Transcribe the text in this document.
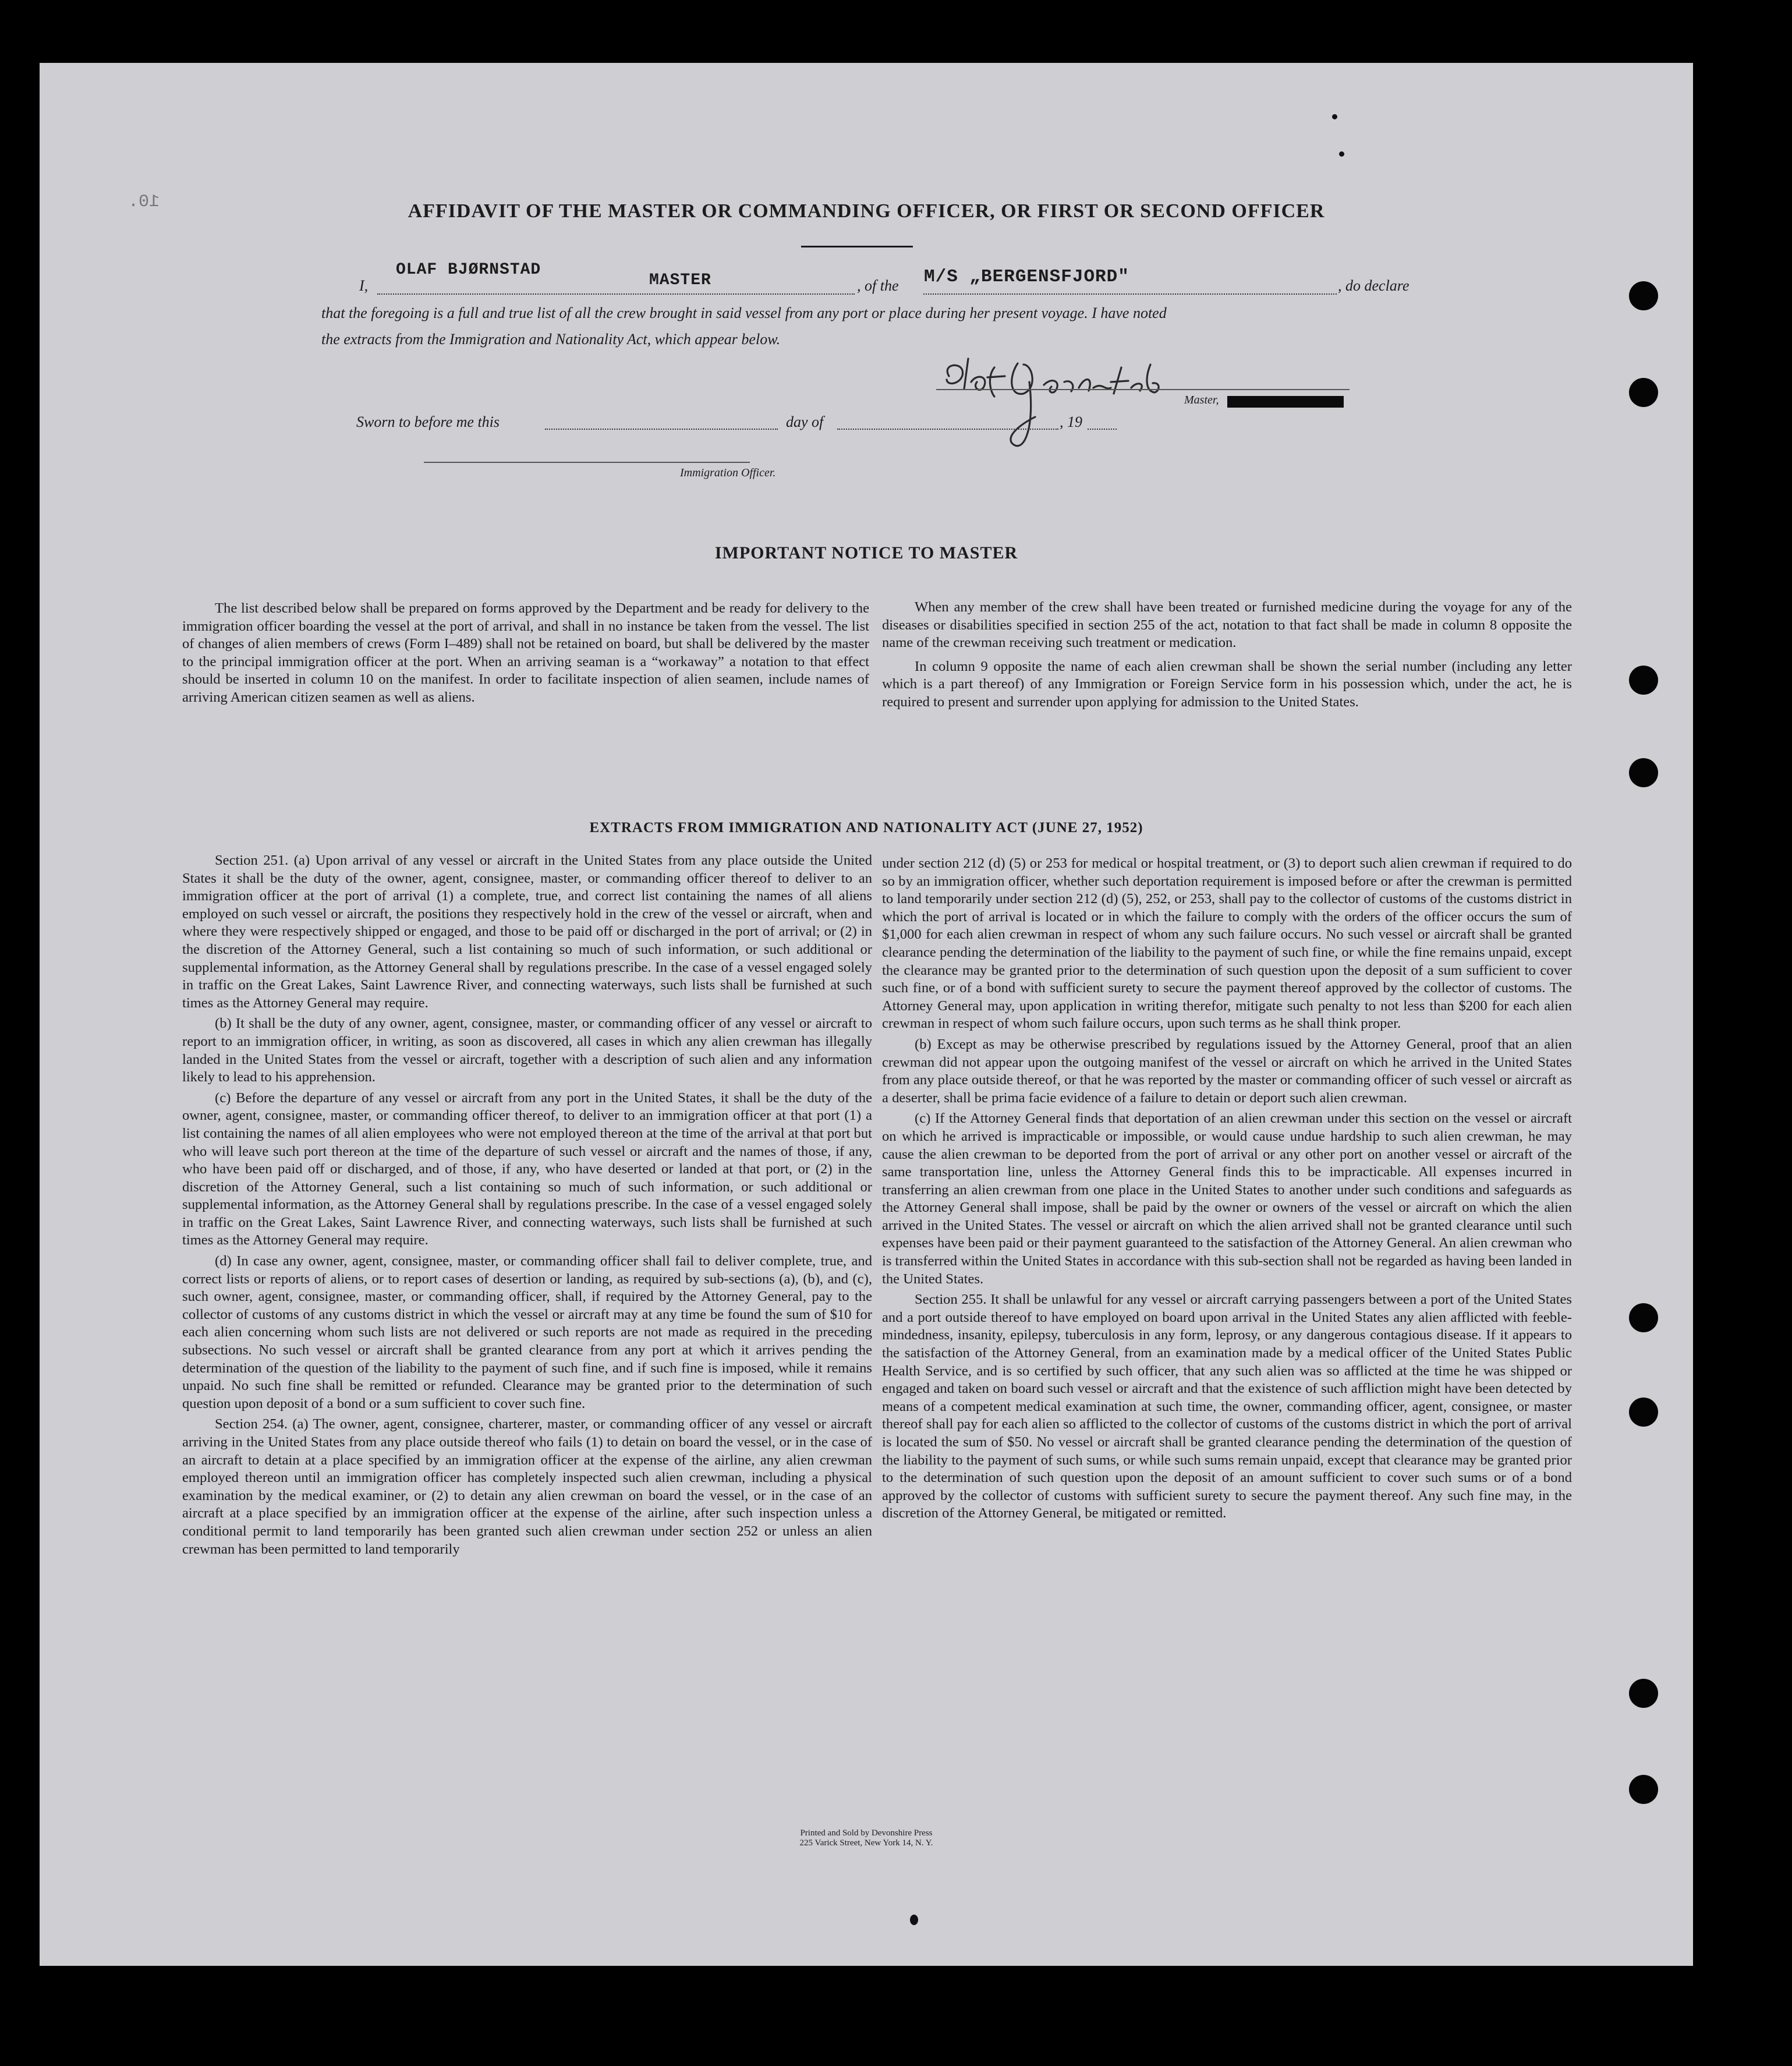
10.	AFFIDAVIT OF THE MASTER OR COMMANDING OFFICER, OR FIRST OR SECOND OFFICER
I,
OLAF BJØRNSTAD
MASTER	, of the M/S „BERGENSFJORD"	, do declare
that the foregoing is a full and true list of all the crew brought in said vessel from any port or place during her present voyage. I have noted
the extracts from the Immigration and Nationality Act, which appear below.
Master,
Sworn to before me this	day of	, 19
Immigration Officer.
IMPORTANT NOTICE TO MASTER

The list described below shall be prepared on forms approved by the Department and be ready for delivery to the immigration officer boarding the vessel at the port of arrival, and shall in no instance be taken from the vessel. The list of changes of alien members of crews (Form I–489) shall not be retained on board, but shall be delivered by the master to the principal immigration officer at the port. When an arriving seaman is a “workaway” a notation to that effect should be inserted in column 10 on the manifest. In order to facilitate inspection of alien seamen, include names of arriving American citizen seamen as well as aliens.

When any member of the crew shall have been treated or furnished medicine during the voyage for any of the diseases or disabilities specified in section 255 of the act, notation to that fact shall be made in column 8 opposite the name of the crewman receiving such treatment or medication.

In column 9 opposite the name of each alien crewman shall be shown the serial number (including any letter which is a part thereof) of any Immigration or Foreign Service form in his possession which, under the act, he is required to present and surrender upon applying for admission to the United States.

EXTRACTS FROM IMMIGRATION AND NATIONALITY ACT (JUNE 27, 1952)

Section 251. (a) Upon arrival of any vessel or aircraft in the United States from any place outside the United States it shall be the duty of the owner, agent, consignee, master, or commanding officer thereof to deliver to an immigration officer at the port of arrival (1) a complete, true, and correct list containing the names of all aliens employed on such vessel or aircraft, the positions they respectively hold in the crew of the vessel or aircraft, when and where they were respectively shipped or engaged, and those to be paid off or discharged in the port of arrival; or (2) in the discretion of the Attorney General, such a list containing so much of such information, or such additional or supplemental information, as the Attorney General shall by regulations prescribe. In the case of a vessel engaged solely in traffic on the Great Lakes, Saint Lawrence River, and connecting waterways, such lists shall be furnished at such times as the Attorney General may require.

(b) It shall be the duty of any owner, agent, consignee, master, or commanding officer of any vessel or aircraft to report to an immigration officer, in writing, as soon as discovered, all cases in which any alien crewman has illegally landed in the United States from the vessel or aircraft, together with a description of such alien and any information likely to lead to his apprehension.

(c) Before the departure of any vessel or aircraft from any port in the United States, it shall be the duty of the owner, agent, consignee, master, or commanding officer thereof, to deliver to an immigration officer at that port (1) a list containing the names of all alien employees who were not employed thereon at the time of the arrival at that port but who will leave such port thereon at the time of the departure of such vessel or aircraft and the names of those, if any, who have been paid off or discharged, and of those, if any, who have deserted or landed at that port, or (2) in the discretion of the Attorney General, such a list containing so much of such information, or such additional or supplemental information, as the Attorney General shall by regulations prescribe. In the case of a vessel engaged solely in traffic on the Great Lakes, Saint Lawrence River, and connecting waterways, such lists shall be furnished at such times as the Attorney General may require.

(d) In case any owner, agent, consignee, master, or commanding officer shall fail to deliver complete, true, and correct lists or reports of aliens, or to report cases of desertion or landing, as required by sub-sections (a), (b), and (c), such owner, agent, consignee, master, or commanding officer, shall, if required by the Attorney General, pay to the collector of customs of any customs district in which the vessel or aircraft may at any time be found the sum of $10 for each alien concerning whom such lists are not delivered or such reports are not made as required in the preceding subsections. No such vessel or aircraft shall be granted clearance from any port at which it arrives pending the determination of the question of the liability to the payment of such fine, and if such fine is imposed, while it remains unpaid. No such fine shall be remitted or refunded. Clearance may be granted prior to the determination of such question upon deposit of a bond or a sum sufficient to cover such fine.

Section 254. (a) The owner, agent, consignee, charterer, master, or commanding officer of any vessel or aircraft arriving in the United States from any place outside thereof who fails (1) to detain on board the vessel, or in the case of an aircraft to detain at a place specified by an immigration officer at the expense of the airline, any alien crewman employed thereon until an immigration officer has completely inspected such alien crewman, including a physical examination by the medical examiner, or (2) to detain any alien crewman on board the vessel, or in the case of an aircraft at a place specified by an immigration officer at the expense of the airline, after such inspection unless a conditional permit to land temporarily has been granted such alien crewman under section 252 or unless an alien crewman has been permitted to land temporarily

under section 212 (d) (5) or 253 for medical or hospital treatment, or (3) to deport such alien crewman if required to do so by an immigration officer, whether such deportation requirement is imposed before or after the crewman is permitted to land temporarily under section 212 (d) (5), 252, or 253, shall pay to the collector of customs of the customs district in which the port of arrival is located or in which the failure to comply with the orders of the officer occurs the sum of $1,000 for each alien crewman in respect of whom any such failure occurs. No such vessel or aircraft shall be granted clearance pending the determination of the liability to the payment of such fine, or while the fine remains unpaid, except the clearance may be granted prior to the determination of such question upon the deposit of a sum sufficient to cover such fine, or of a bond with sufficient surety to secure the payment thereof approved by the collector of customs. The Attorney General may, upon application in writing therefor, mitigate such penalty to not less than $200 for each alien crewman in respect of whom such failure occurs, upon such terms as he shall think proper.

(b) Except as may be otherwise prescribed by regulations issued by the Attorney General, proof that an alien crewman did not appear upon the outgoing manifest of the vessel or aircraft on which he arrived in the United States from any place outside thereof, or that he was reported by the master or commanding officer of such vessel or aircraft as a deserter, shall be prima facie evidence of a failure to detain or deport such alien crewman.

(c) If the Attorney General finds that deportation of an alien crewman under this section on the vessel or aircraft on which he arrived is impracticable or impossible, or would cause undue hardship to such alien crewman, he may cause the alien crewman to be deported from the port of arrival or any other port on another vessel or aircraft of the same transportation line, unless the Attorney General finds this to be impracticable. All expenses incurred in transferring an alien crewman from one place in the United States to another under such conditions and safeguards as the Attorney General shall impose, shall be paid by the owner or owners of the vessel or aircraft on which the alien arrived in the United States. The vessel or aircraft on which the alien arrived shall not be granted clearance until such expenses have been paid or their payment guaranteed to the satisfaction of the Attorney General. An alien crewman who is transferred within the United States in accordance with this sub-section shall not be regarded as having been landed in the United States.

Section 255. It shall be unlawful for any vessel or aircraft carrying passengers between a port of the United States and a port outside thereof to have employed on board upon arrival in the United States any alien afflicted with feeble-mindedness, insanity, epilepsy, tuberculosis in any form, leprosy, or any dangerous contagious disease. If it appears to the satisfaction of the Attorney General, from an examination made by a medical officer of the United States Public Health Service, and is so certified by such officer, that any such alien was so afflicted at the time he was shipped or engaged and taken on board such vessel or aircraft and that the existence of such affliction might have been detected by means of a competent medical examination at such time, the owner, commanding officer, agent, consignee, or master thereof shall pay for each alien so afflicted to the collector of customs of the customs district in which the port of arrival is located the sum of $50. No vessel or aircraft shall be granted clearance pending the determination of the question of the liability to the payment of such sums, or while such sums remain unpaid, except that clearance may be granted prior to the determination of such question upon the deposit of an amount sufficient to cover such sums or of a bond approved by the collector of customs with sufficient surety to secure the payment thereof. Any such fine may, in the discretion of the Attorney General, be mitigated or remitted.

Printed and Sold by Devonshire Press
225 Varick Street, New York 14, N. Y.
